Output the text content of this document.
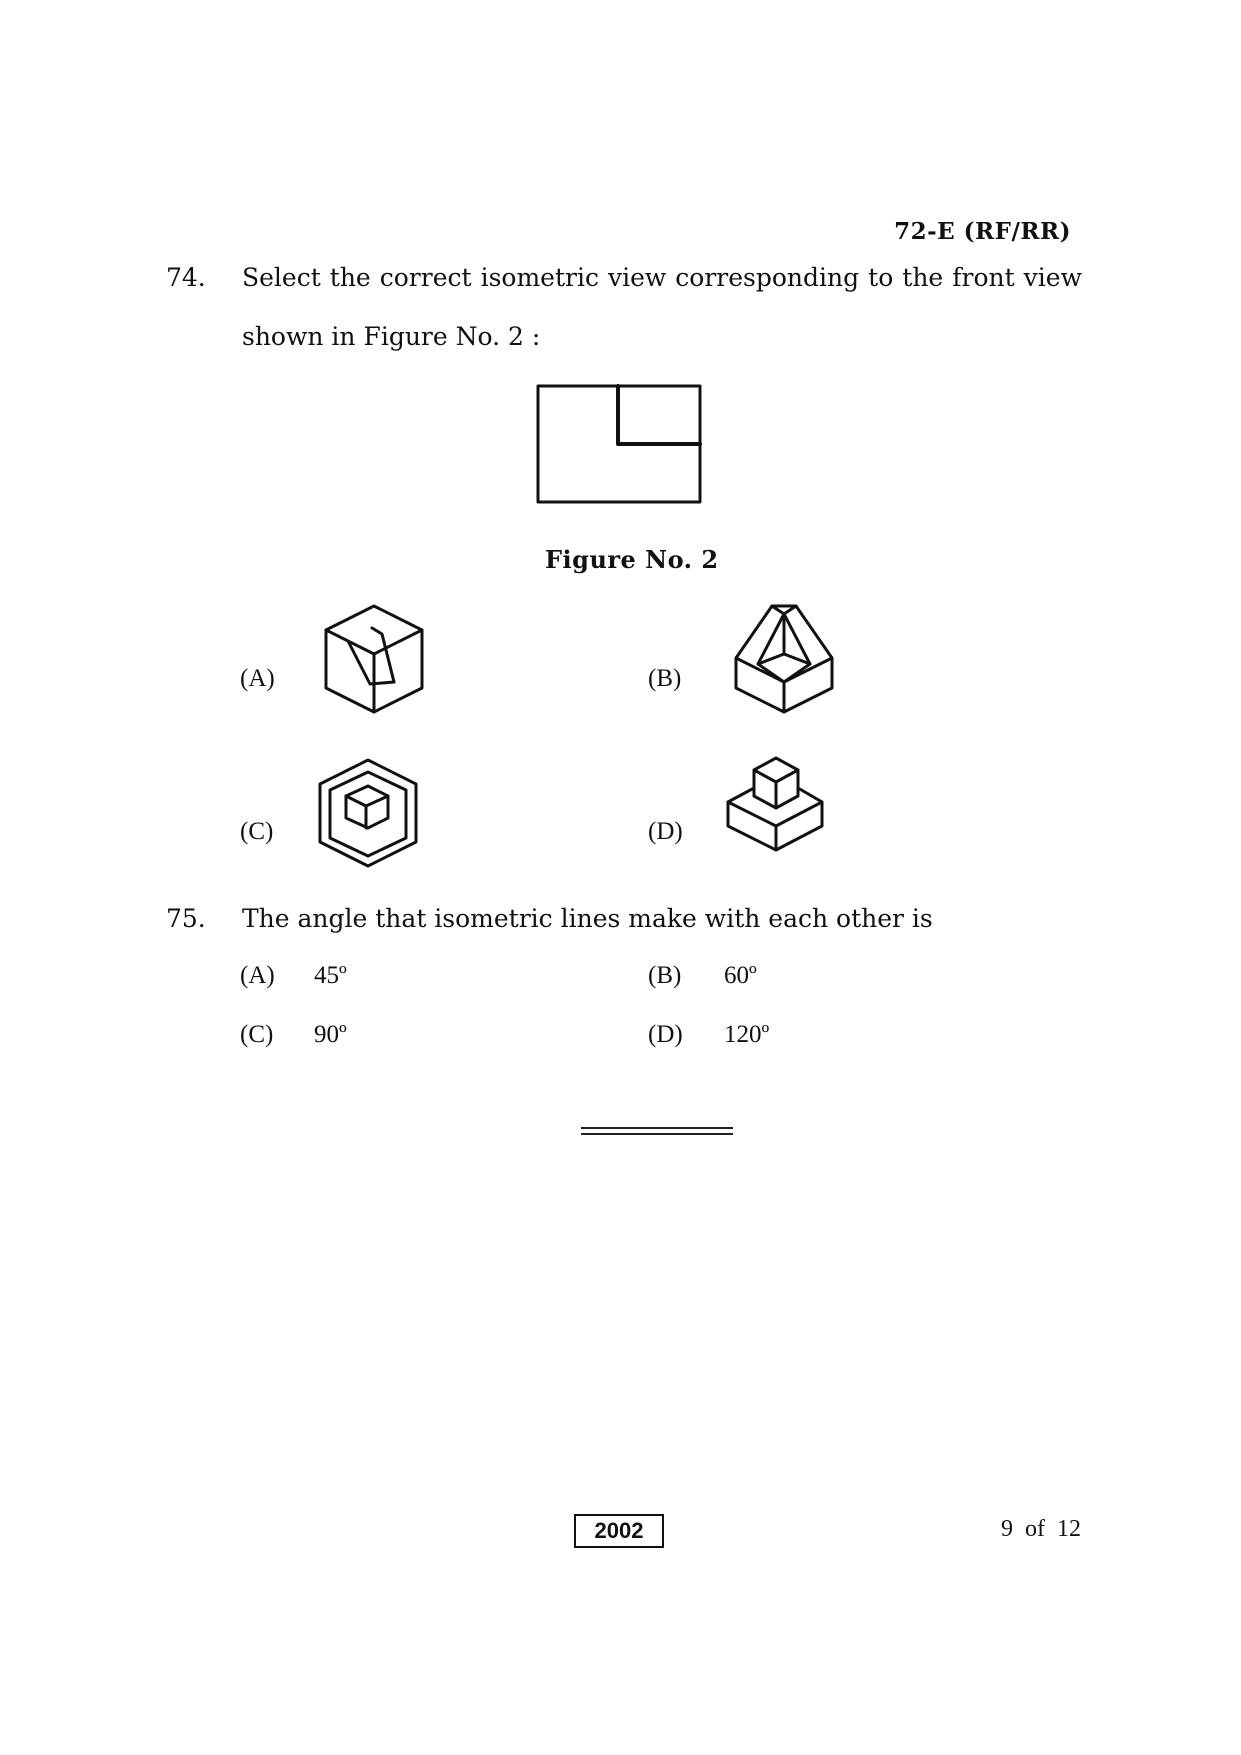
72-E (RF/RR)
74. Select the correct isometric view corresponding to the front view
shown in Figure No. 2 :
Figure No. 2
(A)	(B)
(C)	(D)
75. The angle that isometric lines make with each other is
(A) 45º	(B) 60º
(C) 90º	(D) 120º
2002	9 of 12
